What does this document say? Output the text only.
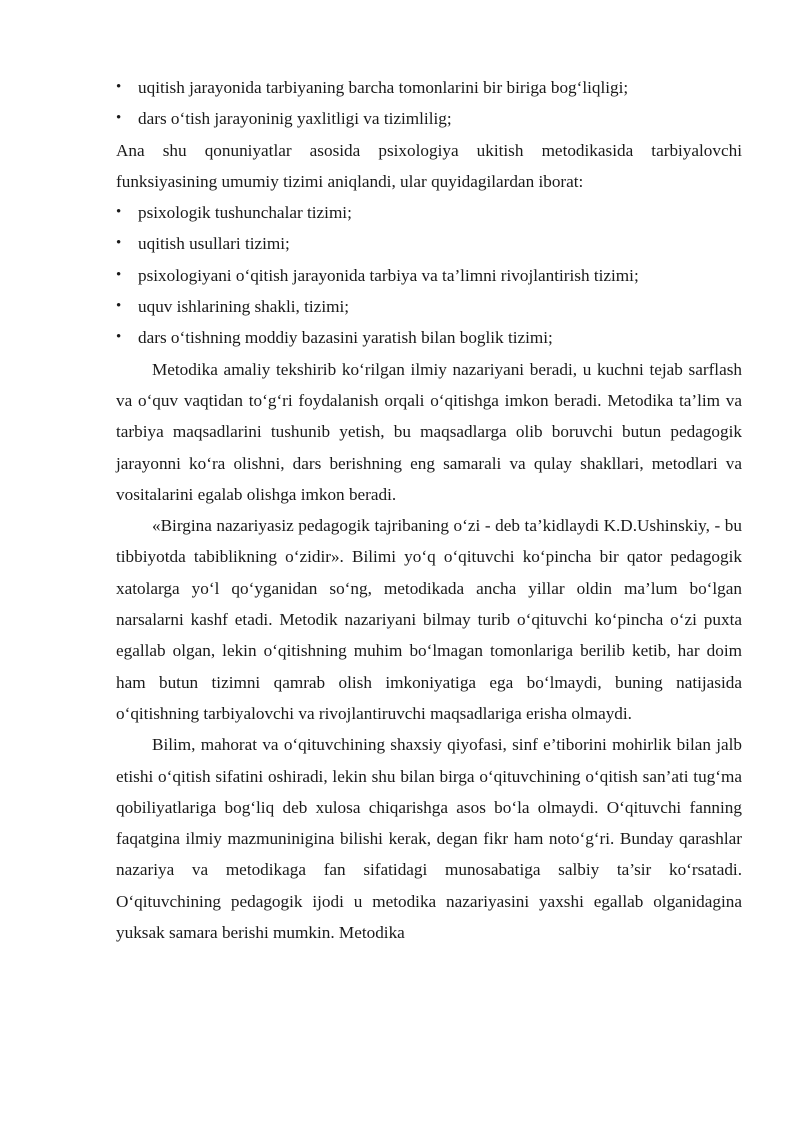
• uqitish jarayonida tarbiyaning barcha tomonlarini bir biriga bog‘liqligi;
• dars o‘tish jarayoninig yaxlitligi va tizimlilig;

Ana shu qonuniyatlar asosida psixologiya ukitish metodikasida tarbiyalovchi funksiyasining umumiy tizimi aniqlandi, ular quyidagilardan iborat:

• psixologik tushunchalar tizimi;
• uqitish usullari tizimi;
• psixologiyani o‘qitish jarayonida tarbiya va ta’limni rivojlantirish tizimi;
• uquv ishlarining shakli, tizimi;
• dars o‘tishning moddiy bazasini yaratish bilan boglik tizimi;

Metodika amaliy tekshirib ko‘rilgan ilmiy nazariyani beradi, u kuchni tejab sarflash va o‘quv vaqtidan to‘g‘ri foydalanish orqali o‘qitishga imkon beradi. Metodika ta’lim va tarbiya maqsadlarini tushunib yetish, bu maqsadlarga olib boruvchi butun pedagogik jarayonni ko‘ra olishni, dars berishning eng samarali va qulay shakllari, metodlari va vositalarini egalab olishga imkon beradi.

«Birgina nazariyasiz pedagogik tajribaning o‘zi - deb ta’kidlaydi K.D.Ushinskiy, - bu tibbiyotda tabiblikning o‘zidir». Bilimi yo‘q o‘qituvchi ko‘pincha bir qator pedagogik xatolarga yo‘l qo‘yganidan so‘ng, metodikada ancha yillar oldin ma’lum bo‘lgan narsalarni kashf etadi. Metodik nazariyani bilmay turib o‘qituvchi ko‘pincha o‘zi puxta egallab olgan, lekin o‘qitishning muhim bo‘lmagan tomonlariga berilib ketib, har doim ham butun tizimni qamrab olish imkoniyatiga ega bo‘lmaydi, buning natijasida o‘qitishning tarbiyalovchi va rivojlantiruvchi maqsadlariga erisha olmaydi.

Bilim, mahorat va o‘qituvchining shaxsiy qiyofasi, sinf e’tiborini mohirlik bilan jalb etishi o‘qitish sifatini oshiradi, lekin shu bilan birga o‘qituvchining o‘qitish san’ati tug‘ma qobiliyatlariga bog‘liq deb xulosa chiqarishga asos bo‘la olmaydi. O‘qituvchi fanning faqatgina ilmiy mazmuninigina bilishi kerak, degan fikr ham noto‘g‘ri. Bunday qarashlar nazariya va metodikaga fan sifatidagi munosabatiga salbiy ta’sir ko‘rsatadi. O‘qituvchining pedagogik ijodi u metodika nazariyasini yaxshi egallab olganidagina yuksak samara berishi mumkin. Metodika
